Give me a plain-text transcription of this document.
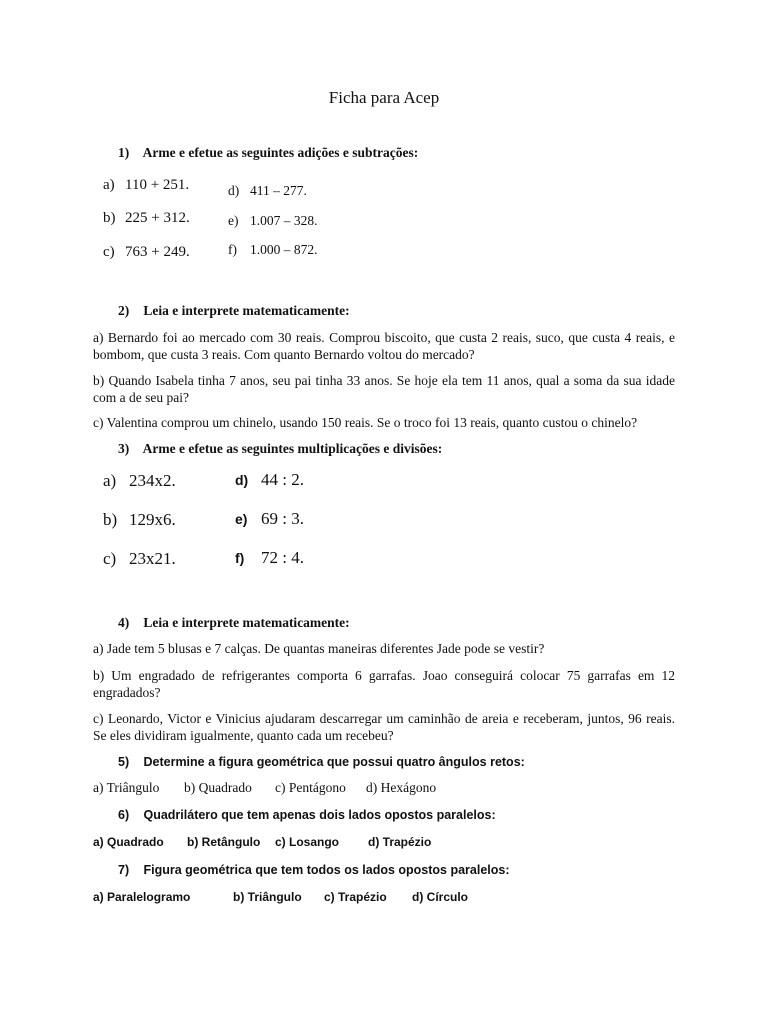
Ficha para Acep
1) Arme e efetue as seguintes adições e subtrações:
a) 110 + 251.
b) 225 + 312.
c) 763 + 249.
d) 411 – 277.
e) 1.007 – 328.
f) 1.000 – 872.
2) Leia e interprete matematicamente:
a) Bernardo foi ao mercado com 30 reais. Comprou biscoito, que custa 2 reais, suco, que custa 4 reais, e bombom, que custa 3 reais. Com quanto Bernardo voltou do mercado?
b) Quando Isabela tinha 7 anos, seu pai tinha 33 anos. Se hoje ela tem 11 anos, qual a soma da sua idade com a de seu pai?
c) Valentina comprou um chinelo, usando 150 reais. Se o troco foi 13 reais, quanto custou o chinelo?
3) Arme e efetue as seguintes multiplicações e divisões:
a) 234x2.
b) 129x6.
c) 23x21.
d) 44 : 2.
e) 69 : 3.
f) 72 : 4.
4) Leia e interprete matematicamente:
a) Jade tem 5 blusas e 7 calças. De quantas maneiras diferentes Jade pode se vestir?
b) Um engradado de refrigerantes comporta 6 garrafas. Joao conseguirá colocar 75 garrafas em 12 engradados?
c) Leonardo, Victor e Vinicius ajudaram descarregar um caminhão de areia e receberam, juntos, 96 reais. Se eles dividiram igualmente, quanto cada um recebeu?
5) Determine a figura geométrica que possui quatro ângulos retos:
a) Triângulo b) Quadrado c) Pentágono d) Hexágono
6) Quadrilátero que tem apenas dois lados opostos paralelos:
a) Quadrado b) Retângulo c) Losango d) Trapézio
7) Figura geométrica que tem todos os lados opostos paralelos:
a) Paralelogramo	b) Triângulo c) Trapézio d) Círculo
